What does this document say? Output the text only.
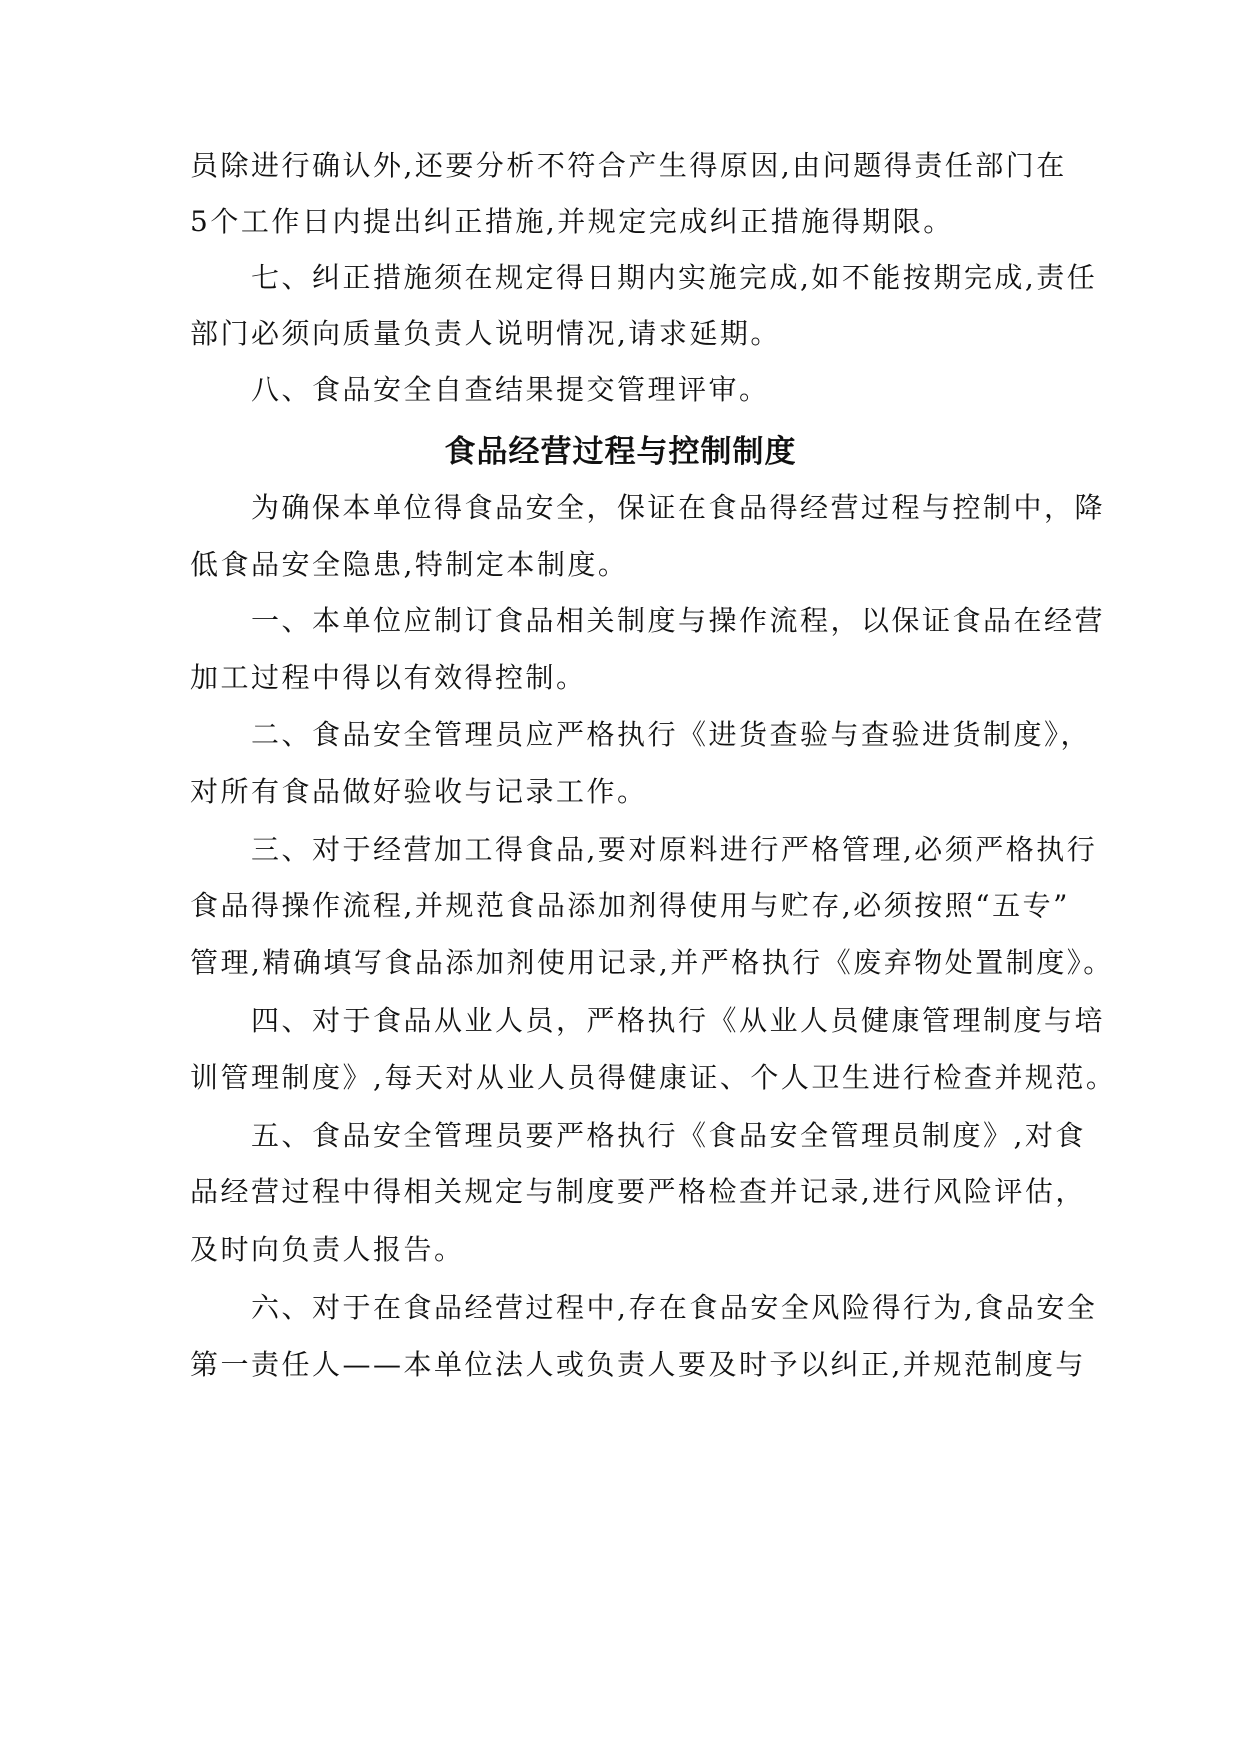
员除进行确认外,还要分析不符合产生得原因,由问题得责任部门在
5个工作日内提出纠正措施,并规定完成纠正措施得期限。
　　七、纠正措施须在规定得日期内实施完成,如不能按期完成,责任
部门必须向质量负责人说明情况,请求延期。
　　八、食品安全自查结果提交管理评审。
食品经营过程与控制制度
　　为确保本单位得食品安全，保证在食品得经营过程与控制中，降
低食品安全隐患,特制定本制度。
　　一、本单位应制订食品相关制度与操作流程，以保证食品在经营
加工过程中得以有效得控制。
　　二、食品安全管理员应严格执行《进货查验与查验进货制度》，
对所有食品做好验收与记录工作。
　　三、对于经营加工得食品,要对原料进行严格管理,必须严格执行
食品得操作流程,并规范食品添加剂得使用与贮存,必须按照“五专”
管理,精确填写食品添加剂使用记录,并严格执行《废弃物处置制度》。
　　四、对于食品从业人员，严格执行《从业人员健康管理制度与培
训管理制度》,每天对从业人员得健康证、个人卫生进行检查并规范。
　　五、食品安全管理员要严格执行《食品安全管理员制度》,对食
品经营过程中得相关规定与制度要严格检查并记录,进行风险评估，
及时向负责人报告。
　　六、对于在食品经营过程中,存在食品安全风险得行为,食品安全
第一责任人——本单位法人或负责人要及时予以纠正,并规范制度与
